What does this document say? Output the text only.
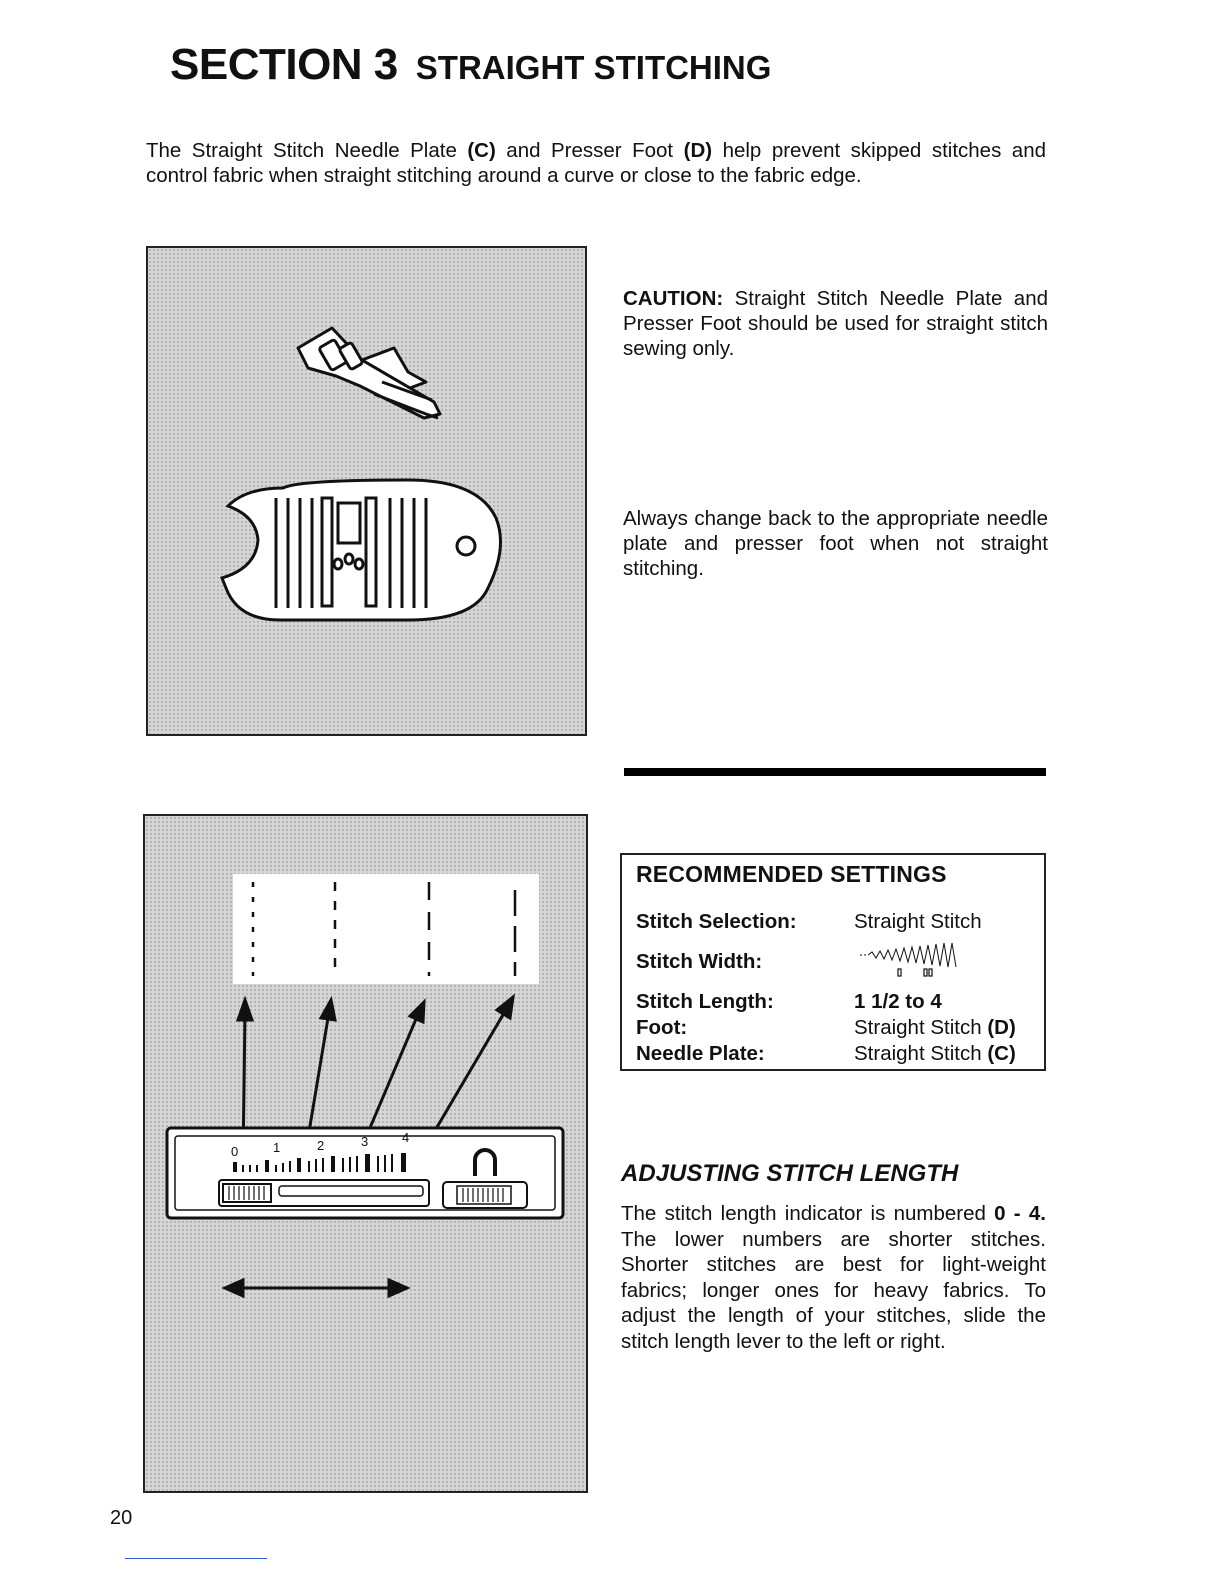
SECTION 3 STRAIGHT STITCHING
The Straight Stitch Needle Plate (C) and Presser Foot (D) help prevent skipped stitches and control fabric when straight stitching around a curve or close to the fabric edge.
CAUTION: Straight Stitch Needle Plate and Presser Foot should be used for straight stitch sewing only.
Always change back to the appropriate needle plate and presser foot when not straight stitching.
0	1	2	3	4
RECOMMENDED SETTINGS
Stitch Selection:	Straight Stitch
Stitch Width:
Stitch Length:	1 1/2 to 4
Foot:	Straight Stitch (D)
Needle Plate:	Straight Stitch (C)
ADJUSTING STITCH LENGTH
The stitch length indicator is numbered 0 - 4. The lower numbers are shorter stitches. Shorter stitches are best for light-weight fabrics; longer ones for heavy fabrics. To adjust the length of your stitches, slide the stitch length lever to the left or right.
20
